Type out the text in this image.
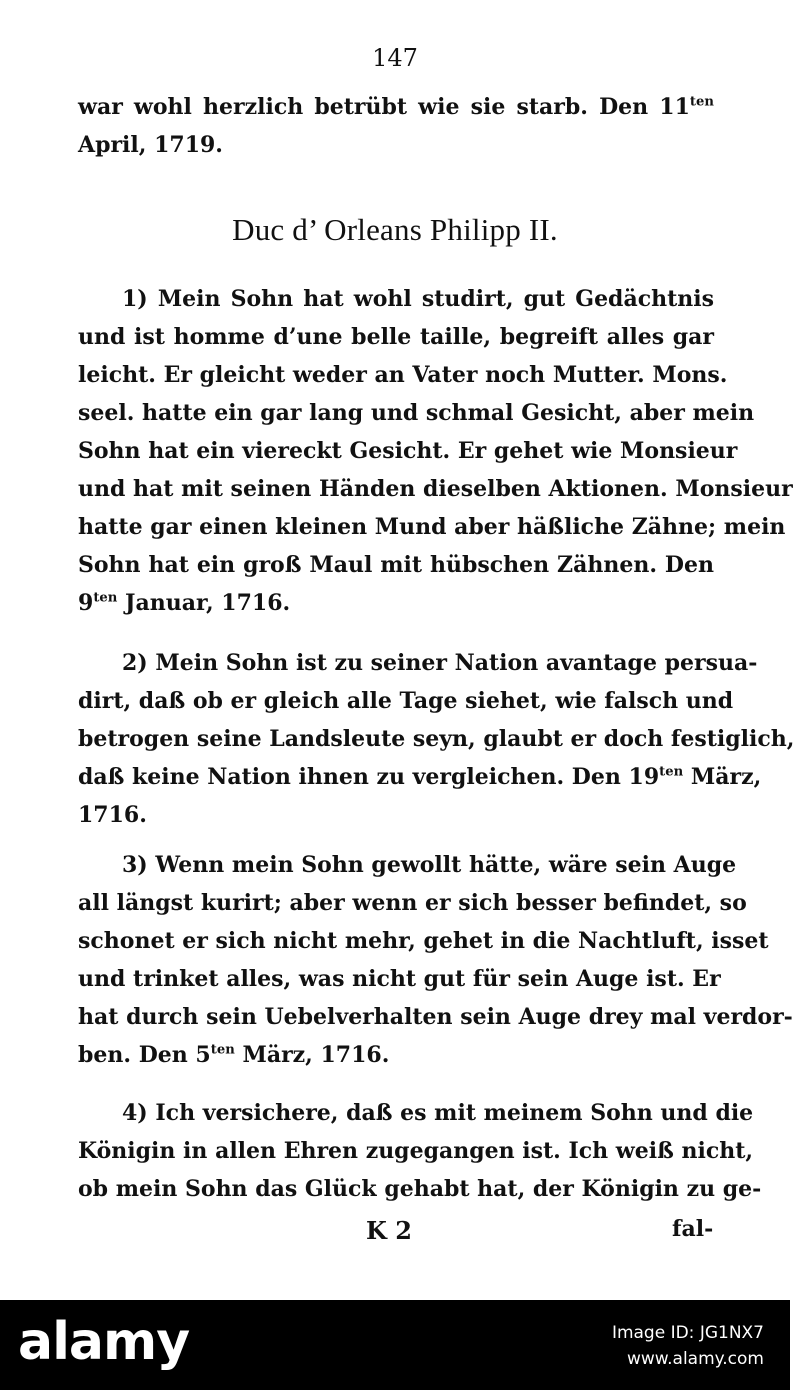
147
war wohl herzlich betrübt wie sie starb. Den $11^{ten}$
April, 1719.
Duc d’ Orleans Philipp II.
1) Mein Sohn hat wohl studirt, gut Gedächtnis
und ist homme d’une belle taille, begreift alles gar
leicht. Er gleicht weder an Vater noch Mutter. Mons.
seel. hatte ein gar lang und schmal Gesicht, aber mein
Sohn hat ein viereckt Gesicht. Er gehet wie Monsieur
und hat mit seinen Händen dieselben Aktionen. Monsieur
hatte gar einen kleinen Mund aber häßliche Zähne; mein
Sohn hat ein groß Maul mit hübschen Zähnen. Den
$9^{ten}$ Januar, 1716.
2) Mein Sohn ist zu seiner Nation avantage persua-
dirt, daß ob er gleich alle Tage siehet, wie falsch und
betrogen seine Landsleute seyn, glaubt er doch festiglich,
daß keine Nation ihnen zu vergleichen. Den $19^{ten}$ März,
1716.
3) Wenn mein Sohn gewollt hätte, wäre sein Auge
all längst kurirt; aber wenn er sich besser befindet, so
schonet er sich nicht mehr, gehet in die Nachtluft, isset
und trinket alles, was nicht gut für sein Auge ist. Er
hat durch sein Uebelverhalten sein Auge drey mal verdor-
ben. Den $5^{ten}$ März, 1716.
4) Ich versichere, daß es mit meinem Sohn und die
Königin in allen Ehren zugegangen ist. Ich weiß nicht,
ob mein Sohn das Glück gehabt hat, der Königin zu ge-
K 2	fal-
alamy	Image ID: JG1NX7
www.alamy.com
